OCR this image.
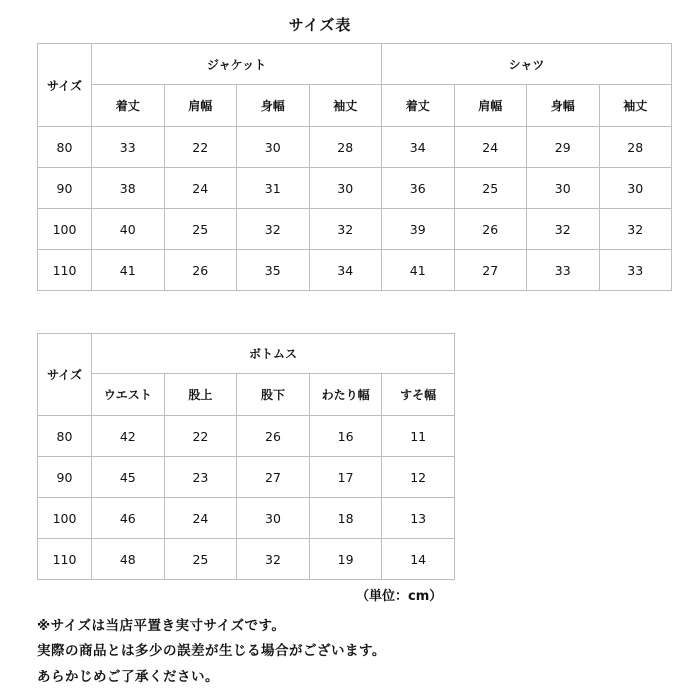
サイズ表
サイズ	ジャケット				シャツ			
	着丈	肩幅	身幅	袖丈	着丈	肩幅	身幅	袖丈
80	33	22	30	28	34	24	29	28
90	38	24	31	30	36	25	30	30
100	40	25	32	32	39	26	32	32
110	41	26	35	34	41	27	33	33
サイズ	ボトムス				
	ウエスト	股上	股下	わたり幅	すそ幅
80	42	22	26	16	11
90	45	23	27	17	12
100	46	24	30	18	13
110	48	25	32	19	14
（単位：cm）
※サイズは当店平置き実寸サイズです。
実際の商品とは多少の誤差が生じる場合がございます。
あらかじめご了承ください。
